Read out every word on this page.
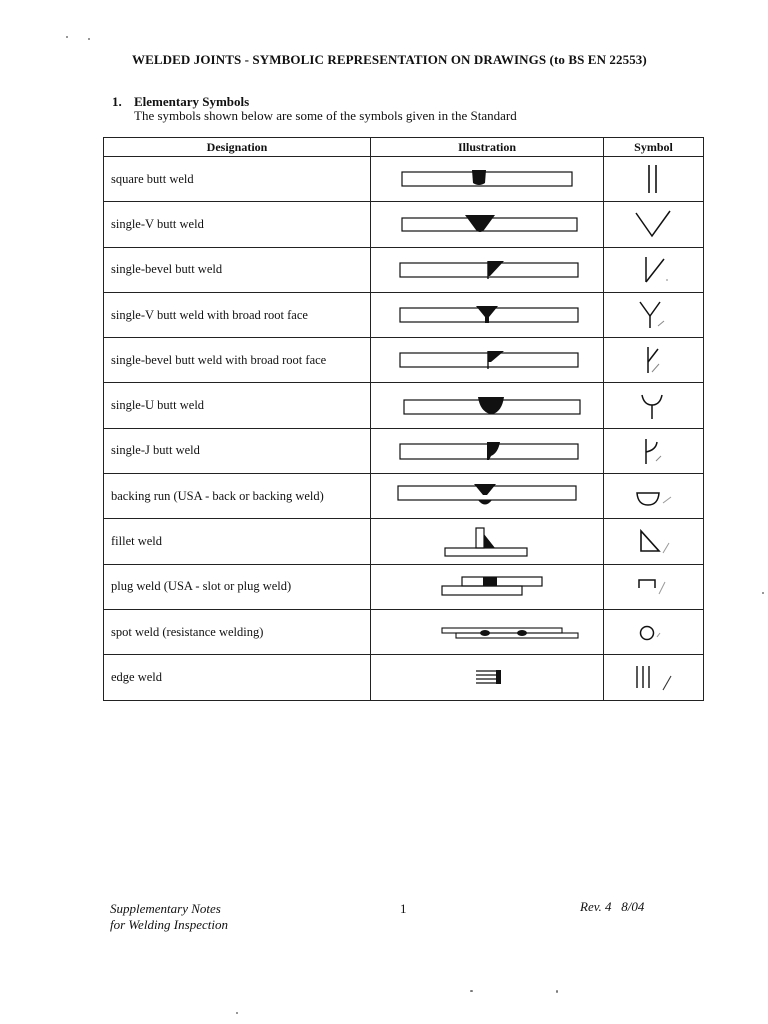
WELDED JOINTS - SYMBOLIC REPRESENTATION ON DRAWINGS (to BS EN 22553)
1. Elementary Symbols
The symbols shown below are some of the symbols given in the Standard
Designation	Illustration	Symbol
square butt weld	

single-V butt weld	

single-bevel butt weld	

single-V butt weld with broad root face	

single-bevel butt weld with broad root face	

single-U butt weld	

single-J butt weld	

backing run (USA - back or backing weld)	

fillet weld	

plug weld (USA - slot or plug weld)	

spot weld (resistance welding)	

edge weld	

Supplementary Notes
for Welding Inspection
1	Rev. 4   8/04
